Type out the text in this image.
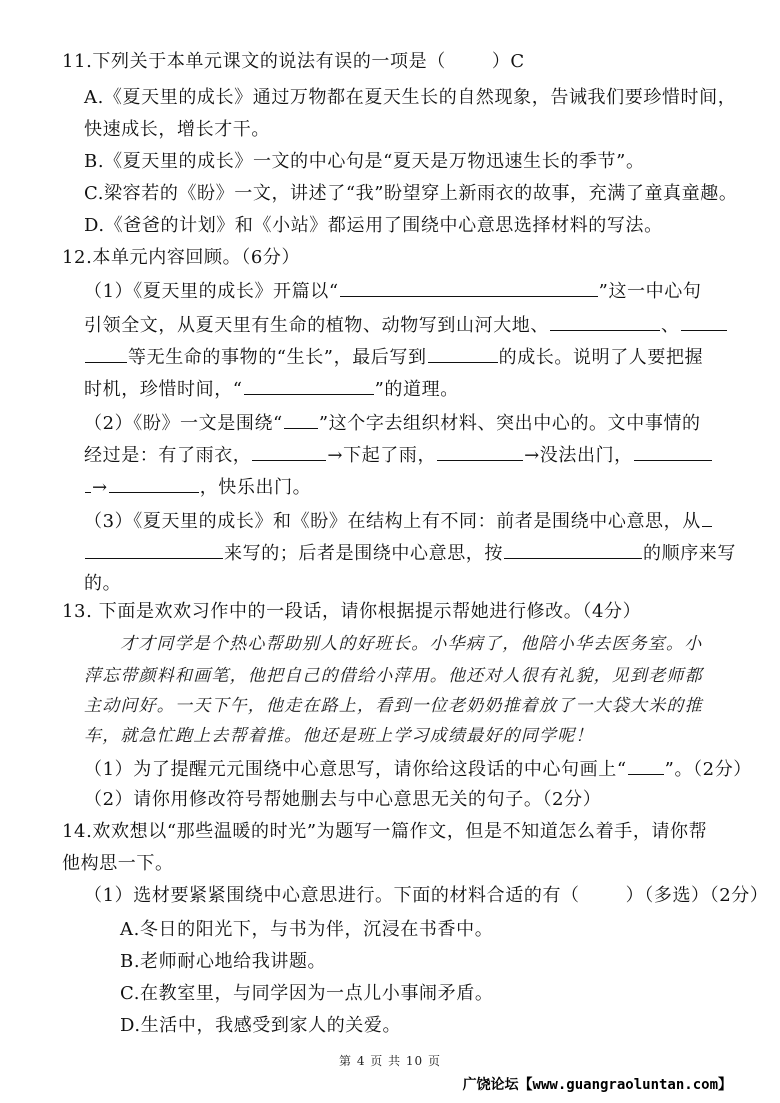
11.下列关于本单元课文的说法有误的一项是（	）C
A.《夏天里的成长》通过万物都在夏天生长的自然现象，告诫我们要珍惜时间，
快速成长，增长才干。
B.《夏天里的成长》一文的中心句是“夏天是万物迅速生长的季节”。
C.梁容若的《盼》一文，讲述了“我”盼望穿上新雨衣的故事，充满了童真童趣。
D.《爸爸的计划》和《小站》都运用了围绕中心意思选择材料的写法。
12.本单元内容回顾。（6分）
（1）《夏天里的成长》开篇以“	”这一中心句
引领全文，从夏天里有生命的植物、动物写到山河大地、	、
等无生命的事物的“生长”，最后写到	的成长。说明了人要把握
时机，珍惜时间，“	”的道理。
（2）《盼》一文是围绕“ ”这个字去组织材料、突出中心的。文中事情的
经过是：有了雨衣，	→下起了雨，	→没法出门，
→	，快乐出门。
（3）《夏天里的成长》和《盼》在结构上有不同：前者是围绕中心意思，从
来写的；后者是围绕中心意思，按	的顺序来写
的。
13. 下面是欢欢习作中的一段话，请你根据提示帮她进行修改。（4分）
才才同学是个热心帮助别人的好班长。小华病了，他陪小华去医务室。小
萍忘带颜料和画笔，他把自己的借给小萍用。他还对人很有礼貌，见到老师都
主动问好。一天下午，他走在路上，看到一位老奶奶推着放了一大袋大米的推
车，就急忙跑上去帮着推。他还是班上学习成绩最好的同学呢！
（1）为了提醒元元围绕中心意思写，请你给这段话的中心句画上“ ”。（2分）
（2）请你用修改符号帮她删去与中心意思无关的句子。（2分）
14.欢欢想以“那些温暖的时光”为题写一篇作文，但是不知道怎么着手，请你帮
他构思一下。
（1）选材要紧紧围绕中心意思进行。下面的材料合适的有（	）（多选）（2分）
A.冬日的阳光下，与书为伴，沉浸在书香中。
B.老师耐心地给我讲题。
C.在教室里，与同学因为一点儿小事闹矛盾。
第 4 页 共 10 页
D.生活中，我感受到家人的关爱。
广饶论坛【www.guangraoluntan.com】
